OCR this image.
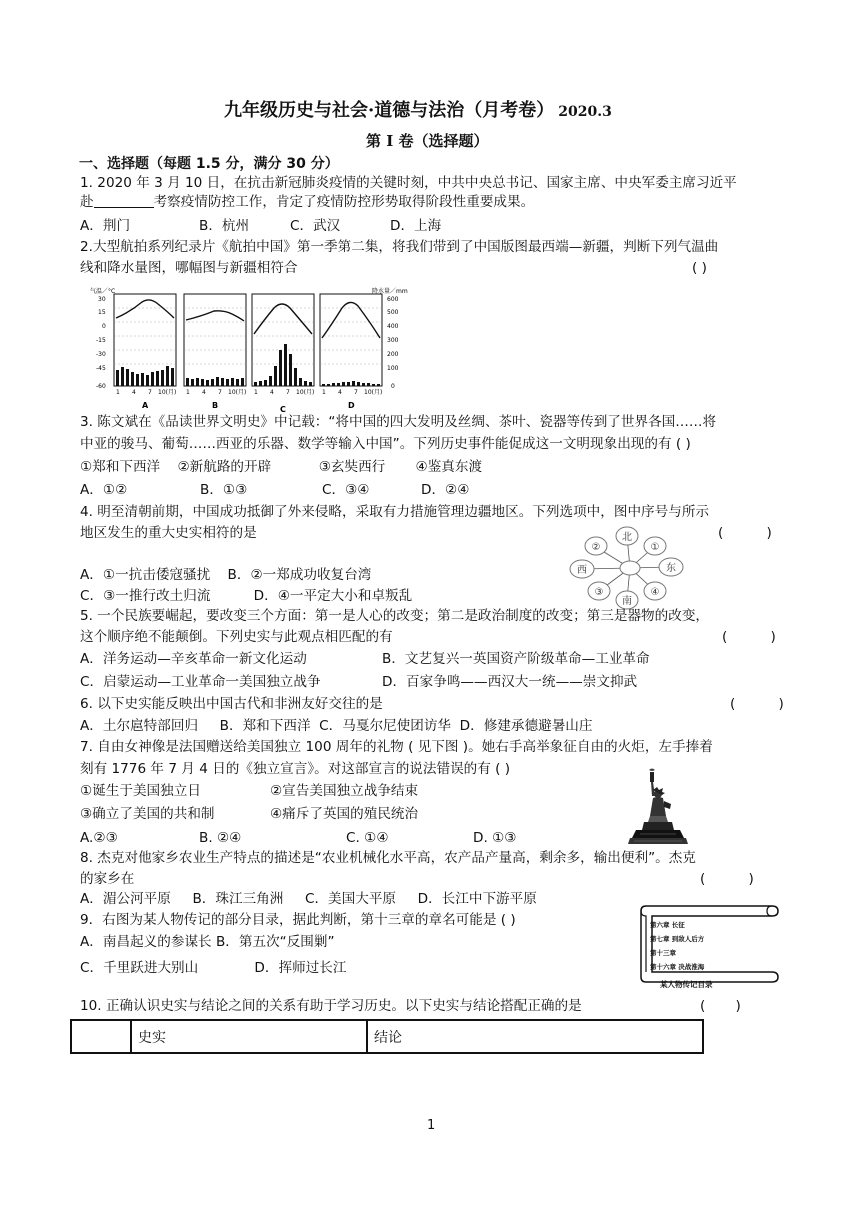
九年级历史与社会·道德与法治（月考卷） 2020.3
第 I 卷（选择题）
一、选择题（每题 1.5 分，满分 30 分）
1. 2020 年 3 月 10 日，在抗击新冠肺炎疫情的关键时刻，中共中央总书记、国家主席、中央军委主席习近平
赴	考察疫情防控工作，肯定了疫情防控形势取得阶段性重要成果。
A．荆门	B．杭州	C．武汉	D．上海
2.大型航拍系列纪录片《航拍中国》第一季第二集，将我们带到了中国版图最西端—新疆，判断下列气温曲
线和降水量图，哪幅图与新疆相符合	( )
气温／°C	降水量／mm
30
15
0
-15
-30
-45
-60
600
500
400
300
200
100
0
1 4 7 10(月) 1 4 7 10(月) 1 4 7 10(月) 1 4 7 10(月)
A	B	C	D
3. 陈文斌在《品读世界文明史》中记载：“将中国的四大发明及丝绸、茶叶、瓷器等传到了世界各国……将
中亚的骏马、葡萄……西亚的乐器、数学等输入中国”。下列历史事件能促成这一文明现象出现的有 ( )
①郑和下西洋    ②新航路的开辟           ③玄奘西行       ④鉴真东渡
A．①②	B．①③	C．③④	D．②④
4. 明至清朝前期，中国成功抵御了外来侵略，采取有力措施管理边疆地区。下列选项中，图中序号与所示
地区发生的重大史实相符的是	(          )
A．①一抗击倭寇骚扰    B．②一郑成功收复台湾
C．③一推行改土归流          D．④一平定大小和卓叛乱
北
①
东
④
南
③
西
②
5. 一个民族要崛起，要改变三个方面：第一是人心的改变；第二是政治制度的改变；第三是器物的改变，
这个顺序绝不能颠倒。下列史实与此观点相匹配的有	(          )
A．洋务运动—辛亥革命一新文化运动	B．文艺复兴一英国资产阶级革命—工业革命
C．启蒙运动—工业革命一美国独立战争	D．百家争鸣——西汉大一统——崇文抑武
6. 以下史实能反映出中国古代和非洲友好交往的是	(          )
A．土尔扈特部回归     B．郑和下西洋  C．马戛尔尼使团访华  D．修建承德避暑山庄
7. 自由女神像是法国赠送给美国独立 100 周年的礼物 ( 见下图 )。她右手高举象征自由的火炬，左手捧着
刻有 1776 年 7 月 4 日的《独立宣言》。对这部宣言的说法错误的有 ( )
①诞生于美国独立日	②宣告美国独立战争结束
③确立了美国的共和制	④痛斥了英国的殖民统治
A.②③	B. ②④	C. ①④	D. ①③
8. 杰克对他家乡农业生产特点的描述是“农业机械化水平高，农产品产量高，剩余多，输出便利”。杰克
的家乡在	(          )
A．湄公河平原     B．珠江三角洲     C．美国大平原     D．长江中下游平原
9．右图为某人物传记的部分目录，据此判断，第十三章的章名可能是 ( )
A．南昌起义的参谋长 B．第五次“反围剿”
C．千里跃进大别山             D．挥师过长江
第六章 长征
第七章 到敌人后方
第十三章
第十六章 决战淮海
某人物传记目录
10. 正确认识史实与结论之间的关系有助于学习历史。以下史实与结论搭配正确的是	(       )
	史实	结论
1
